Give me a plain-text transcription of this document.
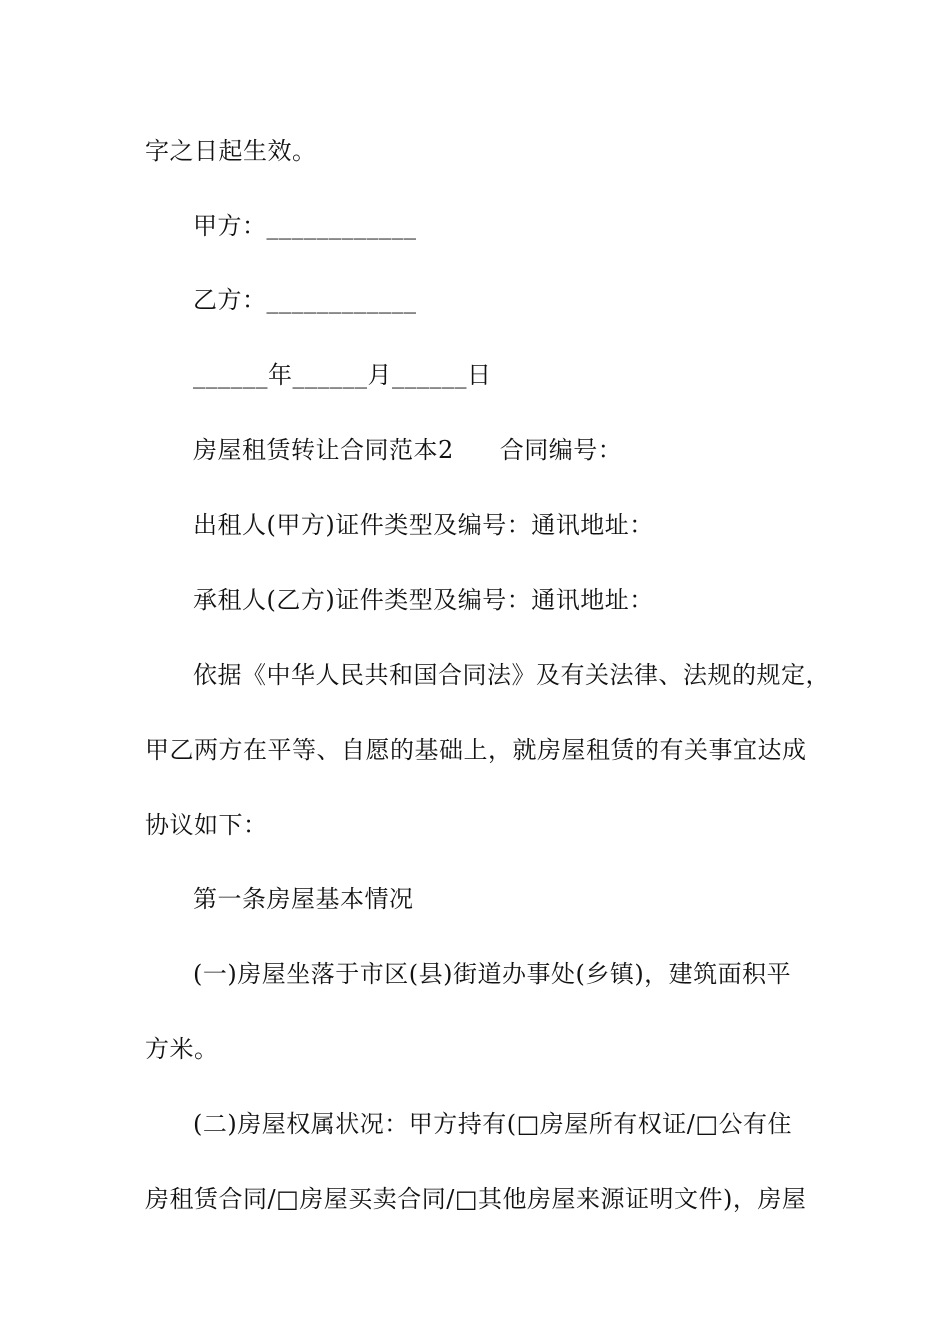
字之日起生效。
甲方：____________
乙方：____________
______年______月______日
房屋租赁转让合同范本2 合同编号：
出租人(甲方)证件类型及编号：通讯地址：
承租人(乙方)证件类型及编号：通讯地址：
依据《中华人民共和国合同法》及有关法律、法规的规定，
甲乙两方在平等、自愿的基础上，就房屋租赁的有关事宜达成
协议如下：
第一条房屋基本情况
(一)房屋坐落于市区(县)街道办事处(乡镇)，建筑面积平
方米。
(二)房屋权属状况：甲方持有(□房屋所有权证/□公有住
房租赁合同/□房屋买卖合同/□其他房屋来源证明文件)，房屋
